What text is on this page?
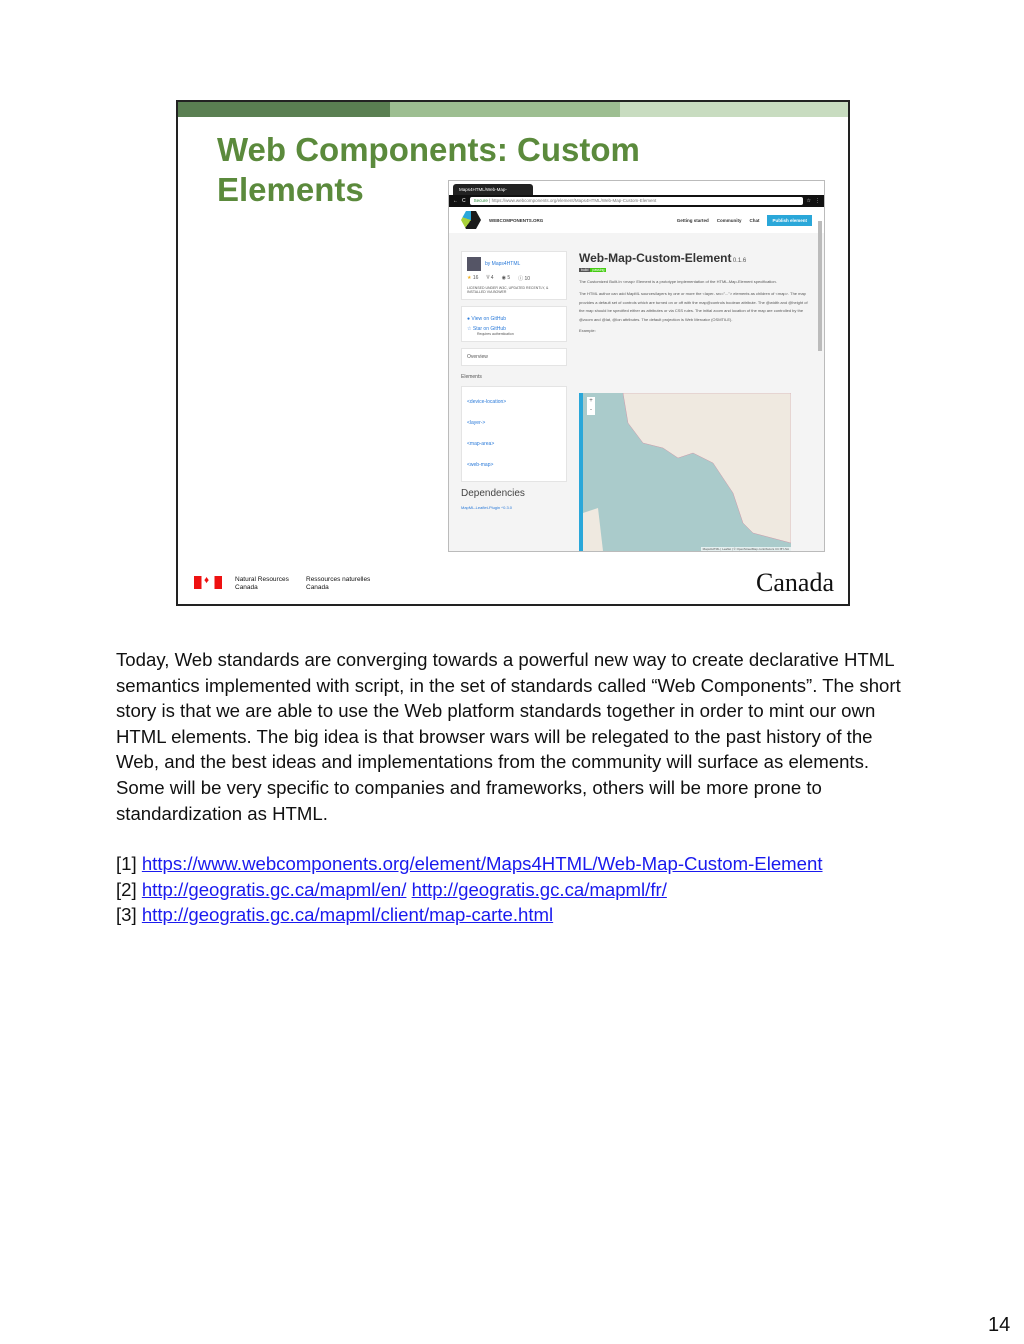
Web Components: Custom
Elements	Maps4HTML/Web-Map-
← C	Secure | https://www.webcomponents.org/element/Maps4HTML/Web-Map-Custom-Element	☆ ⋮
WEBCOMPONENTS.ORG	Getting started Community Chat	Publish element
by Maps4HTML
★ 16 Ⴤ 4 ◉ 5 ⓘ 10
LICENSED UNDER W3C, UPDATED RECENTLY, & INSTALLED VIA BOWER
● View on GitHub
☆ Star on GitHub
Requires authentication
Overview
Elements
<device-location>
<layer->
<map-area>
<web-map>
Dependencies
MapML-Leaflet-Plugin ^0.3.0
Web-Map-Custom-Element 0.1.6
build passing
The Customized Built-In <map> Element is a prototype implementation of the HTML-Map-Element specification.
The HTML author can add MapML sources/layers by one or more the <layer- src="..."> elements as children of <map>. The map provides a default set of controls which are turned on or off with the map@controls boolean attribute. The @width and @height of the map should be specified either as attributes or via CSS rules. The initial zoom and location of the map are controlled by the @zoom and @lat, @lon attributes. The default projection is Web Mercator (OSMTILE).
Example:
+
-
Maps4HTML | Leaflet | © OpenStreetMap contributors CC BY-SA
♦	Natural Resources Canada
Ressources naturelles Canada	Canada

Today, Web standards are converging towards a powerful new way to create declarative HTML semantics implemented with script, in the set of standards called “Web Components”. The short story is that we are able to use the Web platform standards together in order to mint our own HTML elements. The big idea is that browser wars will be relegated to the past history of the Web, and the best ideas and implementations from the community will surface as elements. Some will be very specific to companies and frameworks, others will be more prone to standardization as HTML.

[1] https://www.webcomponents.org/element/Maps4HTML/Web-Map-Custom-Element
[2] http://geogratis.gc.ca/mapml/en/ http://geogratis.gc.ca/mapml/fr/
[3] http://geogratis.gc.ca/mapml/client/map-carte.html
14
